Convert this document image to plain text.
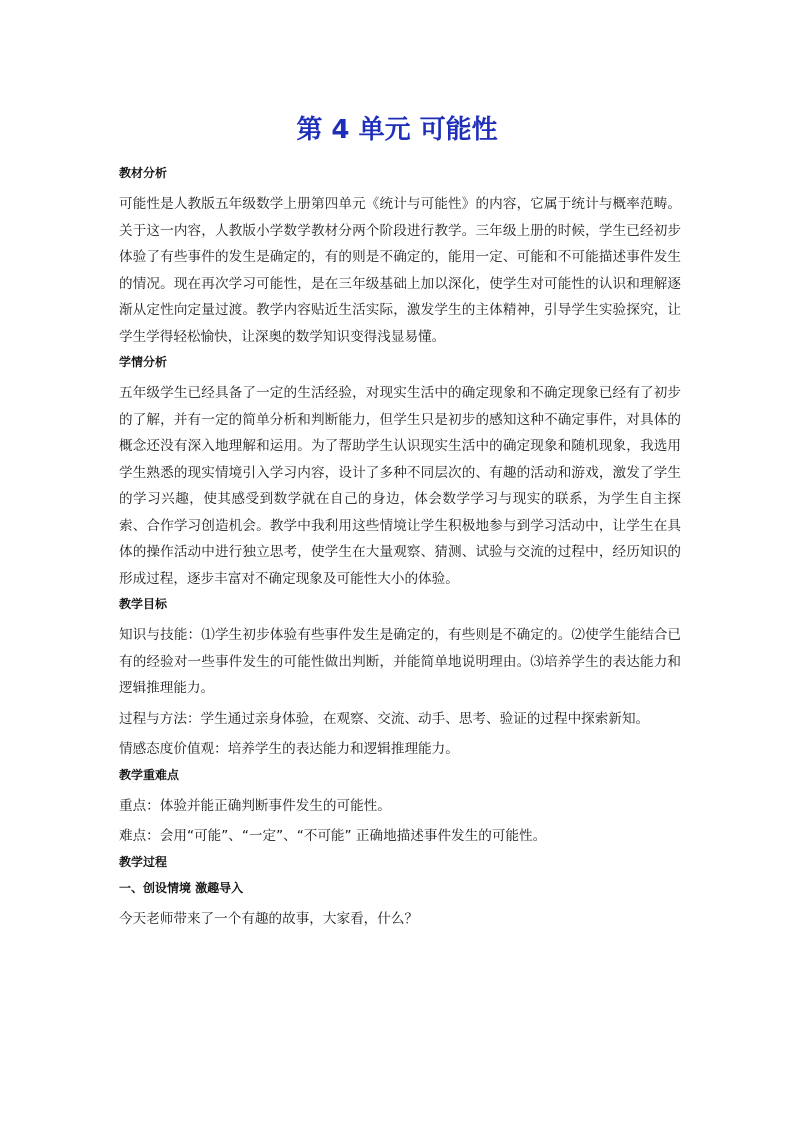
第 4 单元 可能性
教材分析

可能性是人教版五年级数学上册第四单元《统计与可能性》的内容，它属于统计与概率范畴。关于这一内容，人教版小学数学教材分两个阶段进行教学。三年级上册的时候，学生已经初步体验了有些事件的发生是确定的，有的则是不确定的，能用一定、可能和不可能描述事件发生的情况。现在再次学习可能性，是在三年级基础上加以深化，使学生对可能性的认识和理解逐渐从定性向定量过渡。教学内容贴近生活实际，激发学生的主体精神，引导学生实验探究，让学生学得轻松愉快，让深奥的数学知识变得浅显易懂。

学情分析

五年级学生已经具备了一定的生活经验，对现实生活中的确定现象和不确定现象已经有了初步的了解，并有一定的简单分析和判断能力，但学生只是初步的感知这种不确定事件，对具体的概念还没有深入地理解和运用。为了帮助学生认识现实生活中的确定现象和随机现象，我选用学生熟悉的现实情境引入学习内容，设计了多种不同层次的、有趣的活动和游戏，激发了学生的学习兴趣，使其感受到数学就在自己的身边，体会数学学习与现实的联系，为学生自主探索、合作学习创造机会。教学中我利用这些情境让学生积极地参与到学习活动中，让学生在具体的操作活动中进行独立思考，使学生在大量观察、猜测、试验与交流的过程中，经历知识的形成过程，逐步丰富对不确定现象及可能性大小的体验。

教学目标

知识与技能：⑴学生初步体验有些事件发生是确定的，有些则是不确定的。⑵使学生能结合已有的经验对一些事件发生的可能性做出判断，并能简单地说明理由。⑶培养学生的表达能力和逻辑推理能力。

过程与方法：学生通过亲身体验，在观察、交流、动手、思考、验证的过程中探索新知。

情感态度价值观：培养学生的表达能力和逻辑推理能力。

教学重难点

重点：体验并能正确判断事件发生的可能性。

难点：会用“可能”、“一定”、“不可能” 正确地描述事件发生的可能性。

教学过程
一、创设情境 激趣导入

今天老师带来了一个有趣的故事，大家看，什么？
